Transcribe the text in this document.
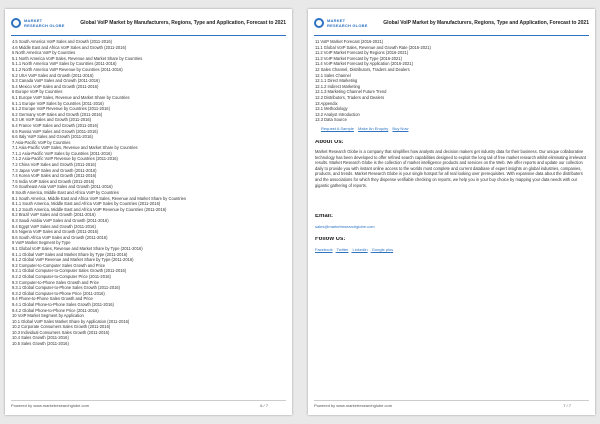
MARKET RESEARCH GLOBE	Global VoIP Market by Manufacturers, Regions, Type and Application, Forecast to 2021
4.5 South America VoIP Sales and Growth (2011-2016)
4.6 Middle East and Africa VoIP Sales and Growth (2011-2016)
5 North America VoIP by Countries
5.1 North America VoIP Sales, Revenue and Market Share by Countries
5.1.1 North America VoIP Sales by Countries (2011-2016)
5.1.2 North America VoIP Revenue by Countries (2011-2016)
5.2 USA VoIP Sales and Growth (2011-2016)
5.3 Canada VoIP Sales and Growth (2011-2016)
5.4 Mexico VoIP Sales and Growth (2011-2016)
6 Europe VoIP by Countries
6.1 Europe VoIP Sales, Revenue and Market Share by Countries
6.1.1 Europe VoIP Sales by Countries (2011-2016)
6.1.2 Europe VoIP Revenue by Countries (2011-2016)
6.2 Germany VoIP Sales and Growth (2011-2016)
6.3 UK VoIP Sales and Growth (2011-2016)
6.4 France VoIP Sales and Growth (2011-2016)
6.5 Russia VoIP Sales and Growth (2011-2016)
6.6 Italy VoIP Sales and Growth (2011-2016)
7 Asia-Pacific VoIP by Countries
7.1 Asia-Pacific VoIP Sales, Revenue and Market Share by Countries
7.1.1 Asia-Pacific VoIP Sales by Countries (2011-2016)
7.1.2 Asia-Pacific VoIP Revenue by Countries (2011-2016)
7.2 China VoIP Sales and Growth (2011-2016)
7.3 Japan VoIP Sales and Growth (2011-2016)
7.4 Korea VoIP Sales and Growth (2011-2016)
7.5 India VoIP Sales and Growth (2011-2016)
7.6 Southeast Asia VoIP Sales and Growth (2011-2016)
8 South America, Middle East and Africa VoIP by Countries
8.1 South America, Middle East and Africa VoIP Sales, Revenue and Market Share by Countries
8.1.1 South America, Middle East and Africa VoIP Sales by Countries (2011-2016)
8.1.2 South America, Middle East and Africa VoIP Revenue by Countries (2011-2016)
8.2 Brazil VoIP Sales and Growth (2011-2016)
8.3 Saudi Arabia VoIP Sales and Growth (2011-2016)
8.4 Egypt VoIP Sales and Growth (2011-2016)
8.5 Nigeria VoIP Sales and Growth (2011-2016)
8.6 South Africa VoIP Sales and Growth (2011-2016)
9 VoIP Market Segment by Type
9.1 Global VoIP Sales, Revenue and Market Share by Type (2011-2016)
9.1.1 Global VoIP Sales and Market Share by Type (2011-2016)
9.1.2 Global VoIP Revenue and Market Share by Type (2011-2016)
9.2 Computer-to-Computer Sales Growth and Price
9.2.1 Global Computer-to-Computer Sales Growth (2011-2016)
9.2.2 Global Computer-to-Computer Price (2011-2016)
9.3 Computer-to-Phone Sales Growth and Price
9.3.1 Global Computer-to-Phone Sales Growth (2011-2016)
9.3.2 Global Computer-to-Phone Price (2011-2016)
9.4 Phone-to-Phone Sales Growth and Price
9.4.1 Global Phone-to-Phone Sales Growth (2011-2016)
9.4.2 Global Phone-to-Phone Price (2011-2016)
10 VoIP Market Segment by Application
10.1 Global VoIP Sales Market Share by Application (2011-2016)
10.2 Corporate Consumers Sales Growth (2011-2016)
10.3 Individual Consumers Sales Growth (2011-2016)
10.4 Sales Growth (2011-2016)
10.5 Sales Growth (2011-2016)
Powered by www.marketresearchglobe.com	6 / 7
MARKET RESEARCH GLOBE	Global VoIP Market by Manufacturers, Regions, Type and Application, Forecast to 2021
11 VoIP Market Forecast (2016-2021)
11.1 Global VoIP Sales, Revenue and Growth Rate (2016-2021)
11.2 VoIP Market Forecast by Regions (2016-2021)
11.3 VoIP Market Forecast by Type (2016-2021)
11.4 VoIP Market Forecast by Application (2016-2021)
12 Sales Channel, Distributors, Traders and Dealers
12.1 Sales Channel
12.1.1 Direct Marketing
12.1.2 Indirect Marketing
12.1.3 Marketing Channel Future Trend
12.2 Distributors, Traders and Dealers
13 Appendix
13.1 Methodology
13.2 Analyst Introduction
13.3 Data Source
Request A Sample Make An Enquiry Buy Now
About Us:
Market Research Globe is a company that simplifies how analysts and decision makers get industry data for their business. Our unique collaborative technology has been developed to offer refined search capabilities designed to exploit the long tail of free market research whilst eliminating irrelevant results. Market Research Globe is the collection of market intelligence products and services on the Web. We offer reports and update our collection daily to provide you with instant online access to the worlds most complete and current database of expert insights on global industries, companies, products, and trends. Market Research Globe is your single hotspot for all real looking over prerequisites. With expansive data about the distributers and the associations for which they dispense verifiable checking on reports, we help you in your buy choice by mapping your data needs with our gigantic gathering of reports.
Email:
sales@marketresearchglobe.com
Follow Us:
Facebook Twitter LinkedIn Google plus
Powered by www.marketresearchglobe.com	7 / 7
